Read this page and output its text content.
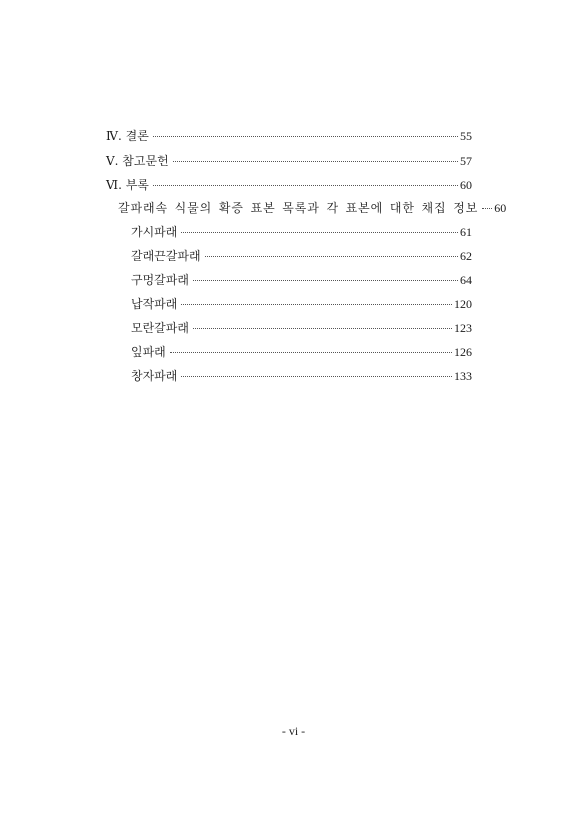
Ⅳ. 결론	55
Ⅴ. 참고문헌	57
Ⅵ. 부록	60
갈파래속 식물의 확증 표본 목록과 각 표본에 대한 채집 정보 60
가시파래	61
갈래끈갈파래	62
구멍갈파래	64
납작파래	120
모란갈파래	123
잎파래	126
창자파래	133
- vi -
